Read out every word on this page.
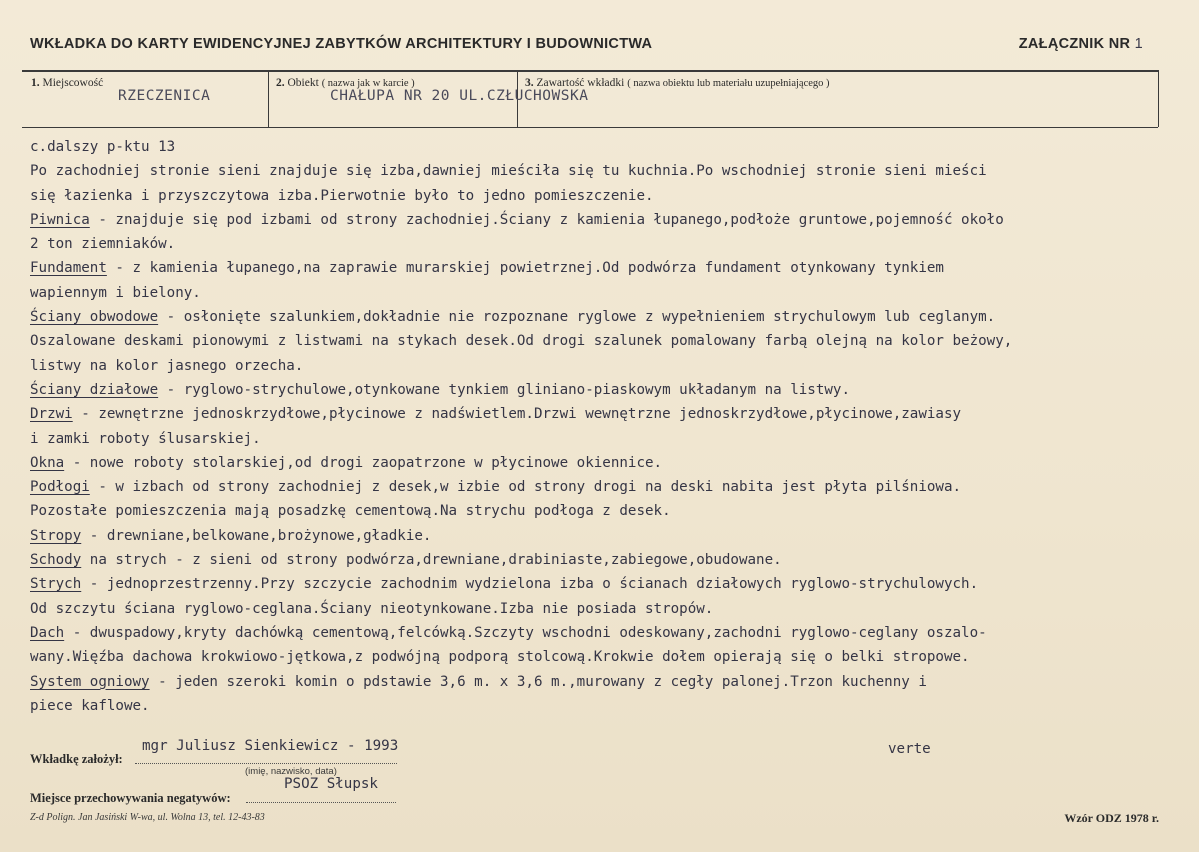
WKŁADKA DO KARTY EWIDENCYJNEJ ZABYTKÓW ARCHITEKTURY I BUDOWNICTWA	ZAŁĄCZNIK NR 1
1. Miejscowość
RZECZENICA
2. Obiekt ( nazwa jak w karcie )
CHAŁUPA NR 20 UL.CZŁUCHOWSKA
3. Zawartość wkładki ( nazwa obiektu lub materiału uzupełniającego )
c.dalszy p-ktu 13
Po zachodniej stronie sieni znajduje się izba,dawniej mieściła się tu kuchnia.Po wschodniej stronie sieni mieści
się łazienka i przyszczytowa izba.Pierwotnie było to jedno pomieszczenie.
Piwnica - znajduje się pod izbami od strony zachodniej.Ściany z kamienia łupanego,podłoże gruntowe,pojemność około
2 ton ziemniaków.
Fundament - z kamienia łupanego,na zaprawie murarskiej powietrznej.Od podwórza fundament otynkowany tynkiem
wapiennym i bielony.
Ściany obwodowe - osłonięte szalunkiem,dokładnie nie rozpoznane ryglowe z wypełnieniem strychulowym lub ceglanym.
Oszalowane deskami pionowymi z listwami na stykach desek.Od drogi szalunek pomalowany farbą olejną na kolor beżowy,
listwy na kolor jasnego orzecha.
Ściany działowe - ryglowo-strychulowe,otynkowane tynkiem gliniano-piaskowym układanym na listwy.
Drzwi - zewnętrzne jednoskrzydłowe,płycinowe z nadświetlem.Drzwi wewnętrzne jednoskrzydłowe,płycinowe,zawiasy
i zamki roboty ślusarskiej.
Okna - nowe roboty stolarskiej,od drogi zaopatrzone w płycinowe okiennice.
Podłogi - w izbach od strony zachodniej z desek,w izbie od strony drogi na deski nabita jest płyta pilśniowa.
Pozostałe pomieszczenia mają posadzkę cementową.Na strychu podłoga z desek.
Stropy - drewniane,belkowane,brożynowe,gładkie.
Schody na strych - z sieni od strony podwórza,drewniane,drabiniaste,zabiegowe,obudowane.
Strych - jednoprzestrzenny.Przy szczycie zachodnim wydzielona izba o ścianach działowych ryglowo-strychulowych.
Od szczytu ściana ryglowo-ceglana.Ściany nieotynkowane.Izba nie posiada stropów.
Dach - dwuspadowy,kryty dachówką cementową,felcówką.Szczyty wschodni odeskowany,zachodni ryglowo-ceglany oszalo-
wany.Więźba dachowa krokwiowo-jętkowa,z podwójną podporą stolcową.Krokwie dołem opierają się o belki stropowe.
System ogniowy - jeden szeroki komin o pdstawie 3,6 m. x 3,6 m.,murowany z cegły palonej.Trzon kuchenny i
piece kaflowe.
Wkładkę założył:
mgr Juliusz Sienkiewicz - 1993
(imię, nazwisko, data)
verte
Miejsce przechowywania negatywów:
PSOZ Słupsk
Z-d Polign. Jan Jasiński W-wa, ul. Wolna 13, tel. 12-43-83	Wzór ODZ 1978 r.
